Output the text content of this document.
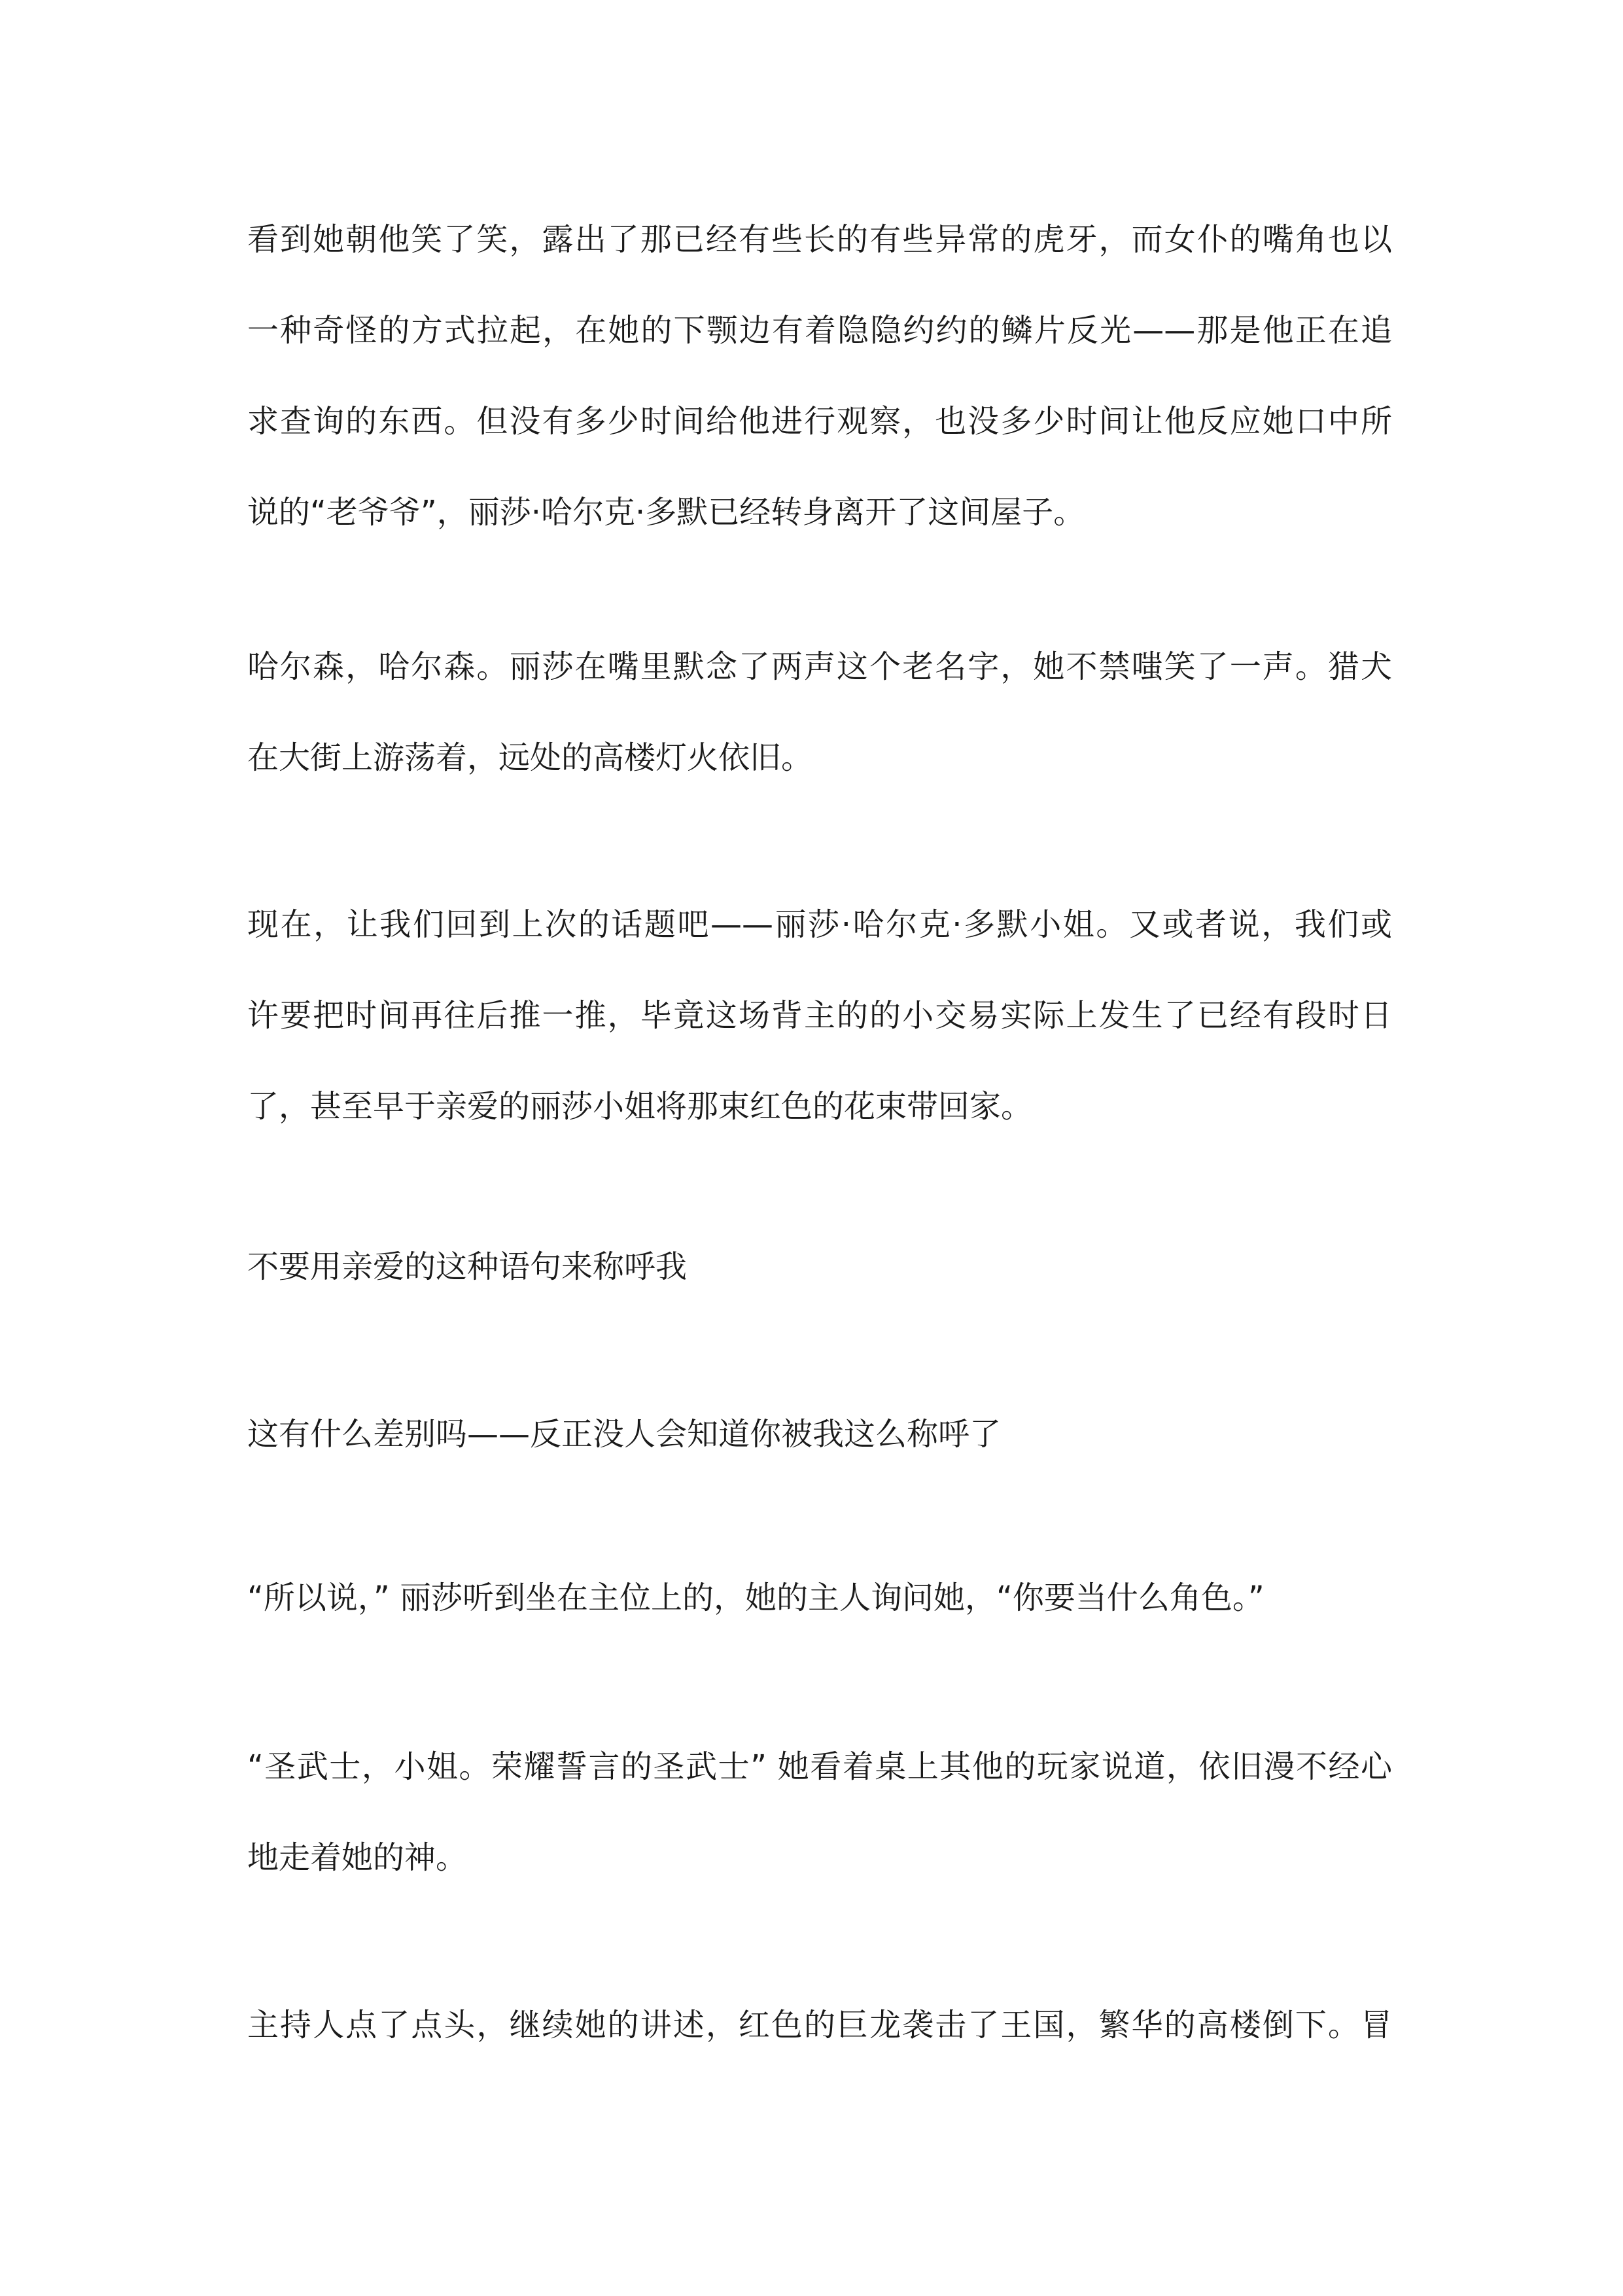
看到她朝他笑了笑，露出了那已经有些长的有些异常的虎牙，而女仆的嘴角也以
一种奇怪的方式拉起，在她的下颚边有着隐隐约约的鳞片反光——那是他正在追
求查询的东西。但没有多少时间给他进行观察，也没多少时间让他反应她口中所
说的“老爷爷”，丽莎·哈尔克·多默已经转身离开了这间屋子。
哈尔森，哈尔森。丽莎在嘴里默念了两声这个老名字，她不禁嗤笑了一声。猎犬
在大街上游荡着，远处的高楼灯火依旧。
现在，让我们回到上次的话题吧——丽莎·哈尔克·多默小姐。又或者说，我们或
许要把时间再往后推一推，毕竟这场背主的的小交易实际上发生了已经有段时日
了，甚至早于亲爱的丽莎小姐将那束红色的花束带回家。
不要用亲爱的这种语句来称呼我
这有什么差别吗——反正没人会知道你被我这么称呼了
“所以说，” 丽莎听到坐在主位上的，她的主人询问她，“你要当什么角色。”
“圣武士，小姐。荣耀誓言的圣武士” 她看着桌上其他的玩家说道，依旧漫不经心
地走着她的神。
主持人点了点头，继续她的讲述，红色的巨龙袭击了王国，繁华的高楼倒下。冒
